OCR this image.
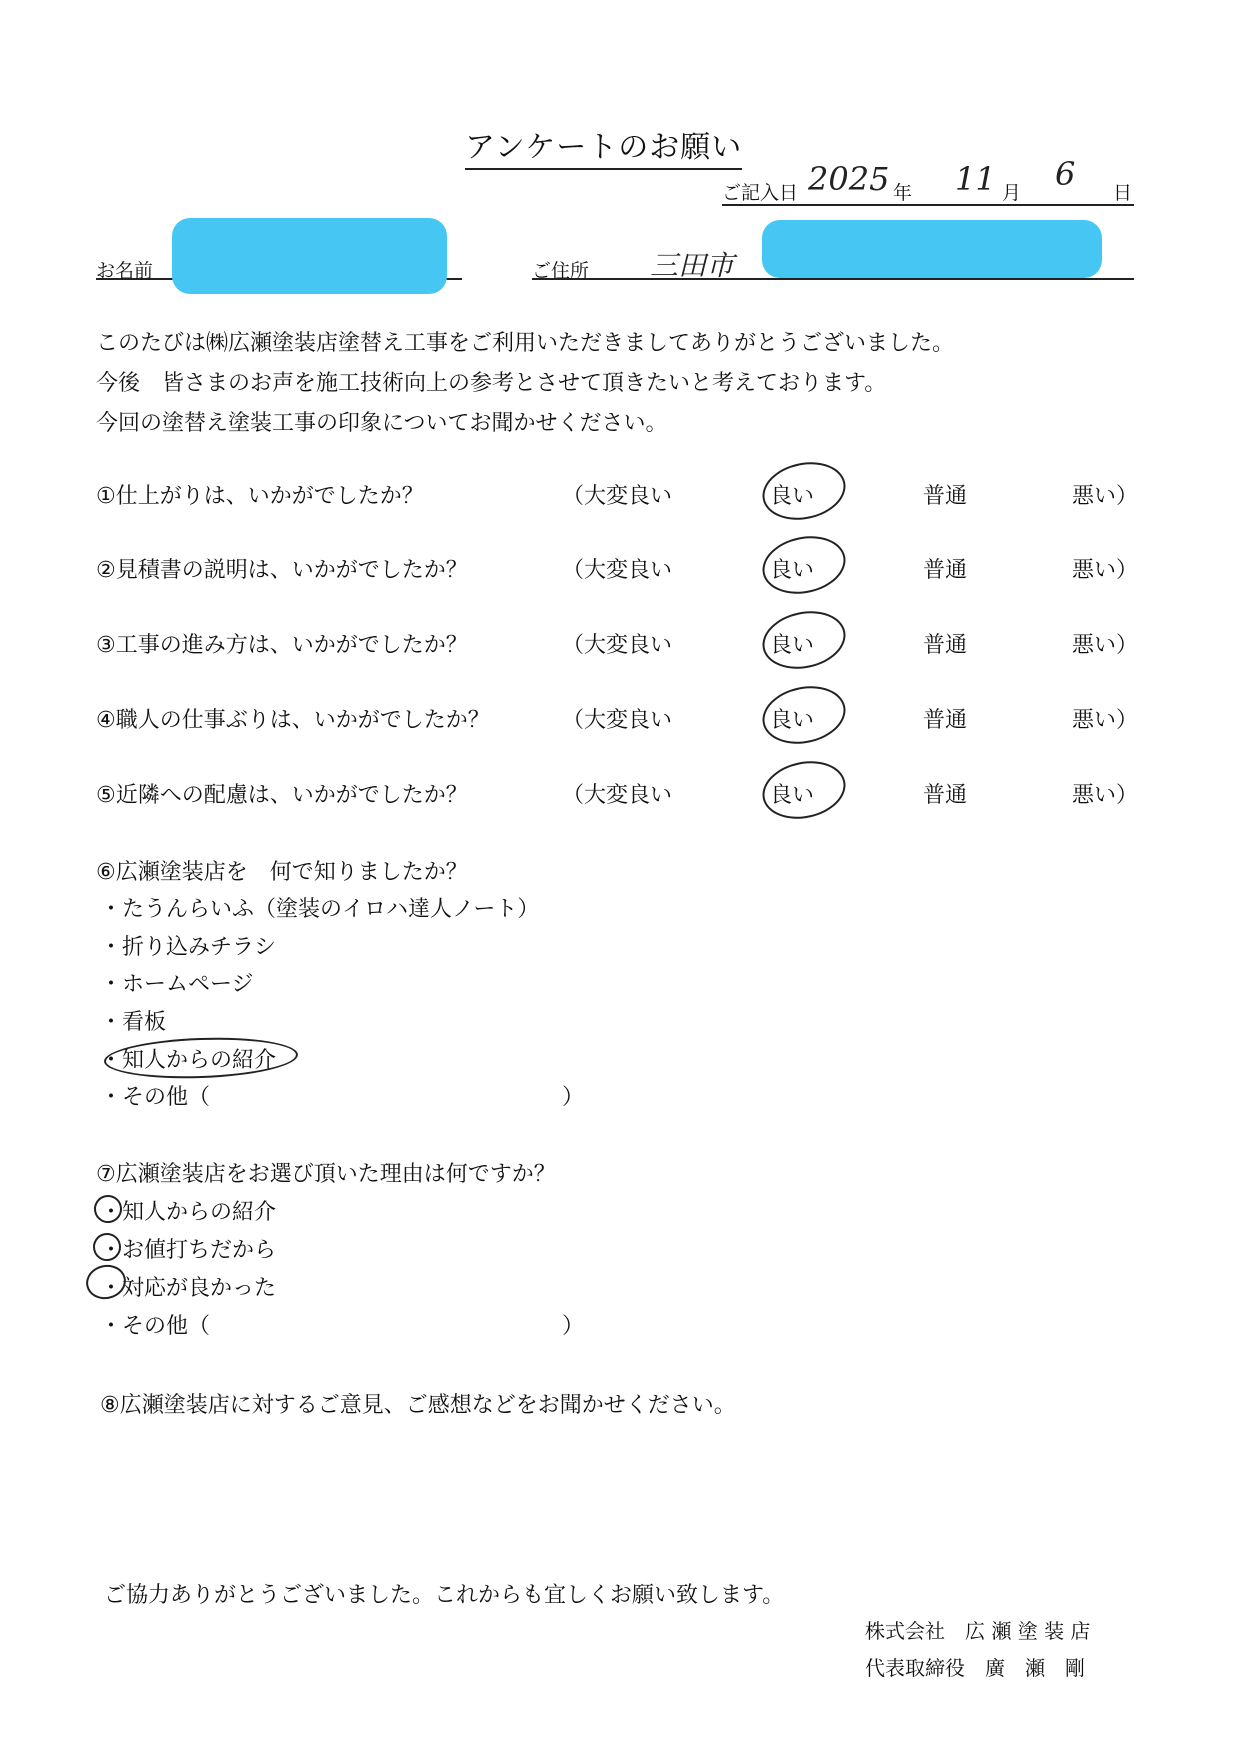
アンケートのお願い
ご記入日 2025 年 11 月 6 日
お名前	ご住所 三田市
このたびは㈱広瀬塗装店塗替え工事をご利用いただきましてありがとうございました。
今後　皆さまのお声を施工技術向上の参考とさせて頂きたいと考えております。
今回の塗替え塗装工事の印象についてお聞かせください。
①仕上がりは、いかがでしたか？	（大変良い	良い	普通	悪い）
②見積書の説明は、いかがでしたか？	（大変良い	良い	普通	悪い）
③工事の進み方は、いかがでしたか？	（大変良い	良い	普通	悪い）
④職人の仕事ぶりは、いかがでしたか？	（大変良い	良い	普通	悪い）
⑤近隣への配慮は、いかがでしたか？	（大変良い	良い	普通	悪い）
⑥広瀬塗装店を　何で知りましたか？
・たうんらいふ（塗装のイロハ達人ノート）
・折り込みチラシ
・ホームページ
・看板
・知人からの紹介
・その他（　　　　　　　　　　　　　　　　）
⑦広瀬塗装店をお選び頂いた理由は何ですか？
・知人からの紹介
・お値打ちだから
・対応が良かった
・その他（　　　　　　　　　　　　　　　　）
⑧広瀬塗装店に対するご意見、ご感想などをお聞かせください。
ご協力ありがとうございました。これからも宜しくお願い致します。
株式会社　広 瀬 塗 装 店
代表取締役　廣　瀬　剛
